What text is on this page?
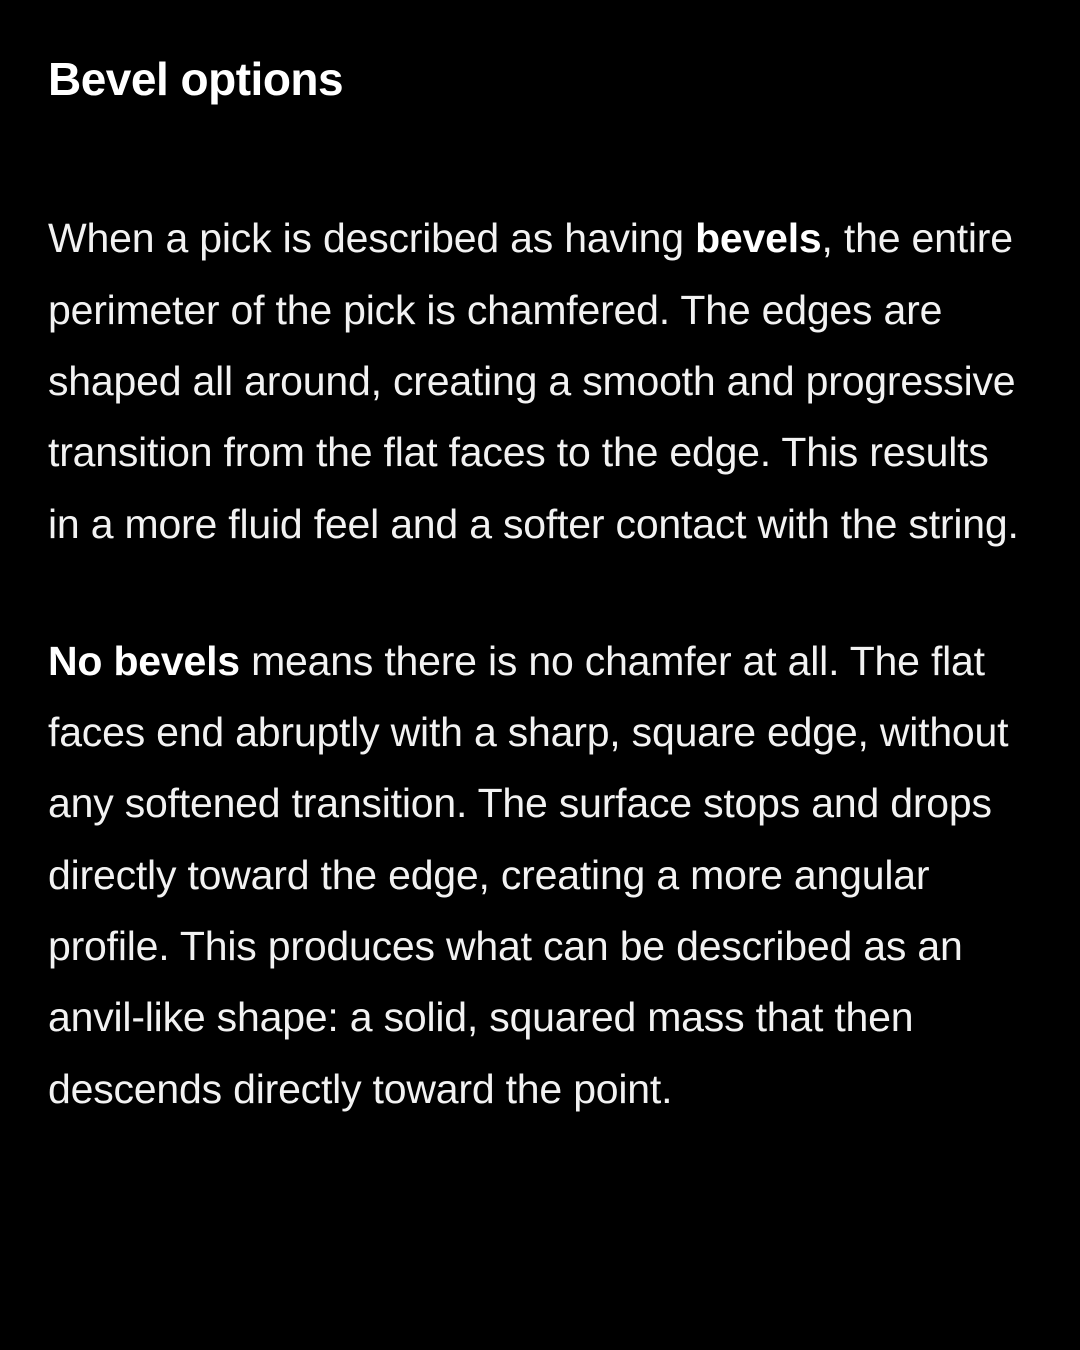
Bevel options

When a pick is described as having bevels, the entire perimeter of the pick is chamfered. The edges are shaped all around, creating a smooth and progressive transition from the flat faces to the edge. This results in a more fluid feel and a softer contact with the string.

No bevels means there is no chamfer at all. The flat faces end abruptly with a sharp, square edge, without any softened transition. The surface stops and drops directly toward the edge, creating a more angular profile. This produces what can be described as an anvil-like shape: a solid, squared mass that then descends directly toward the point.
